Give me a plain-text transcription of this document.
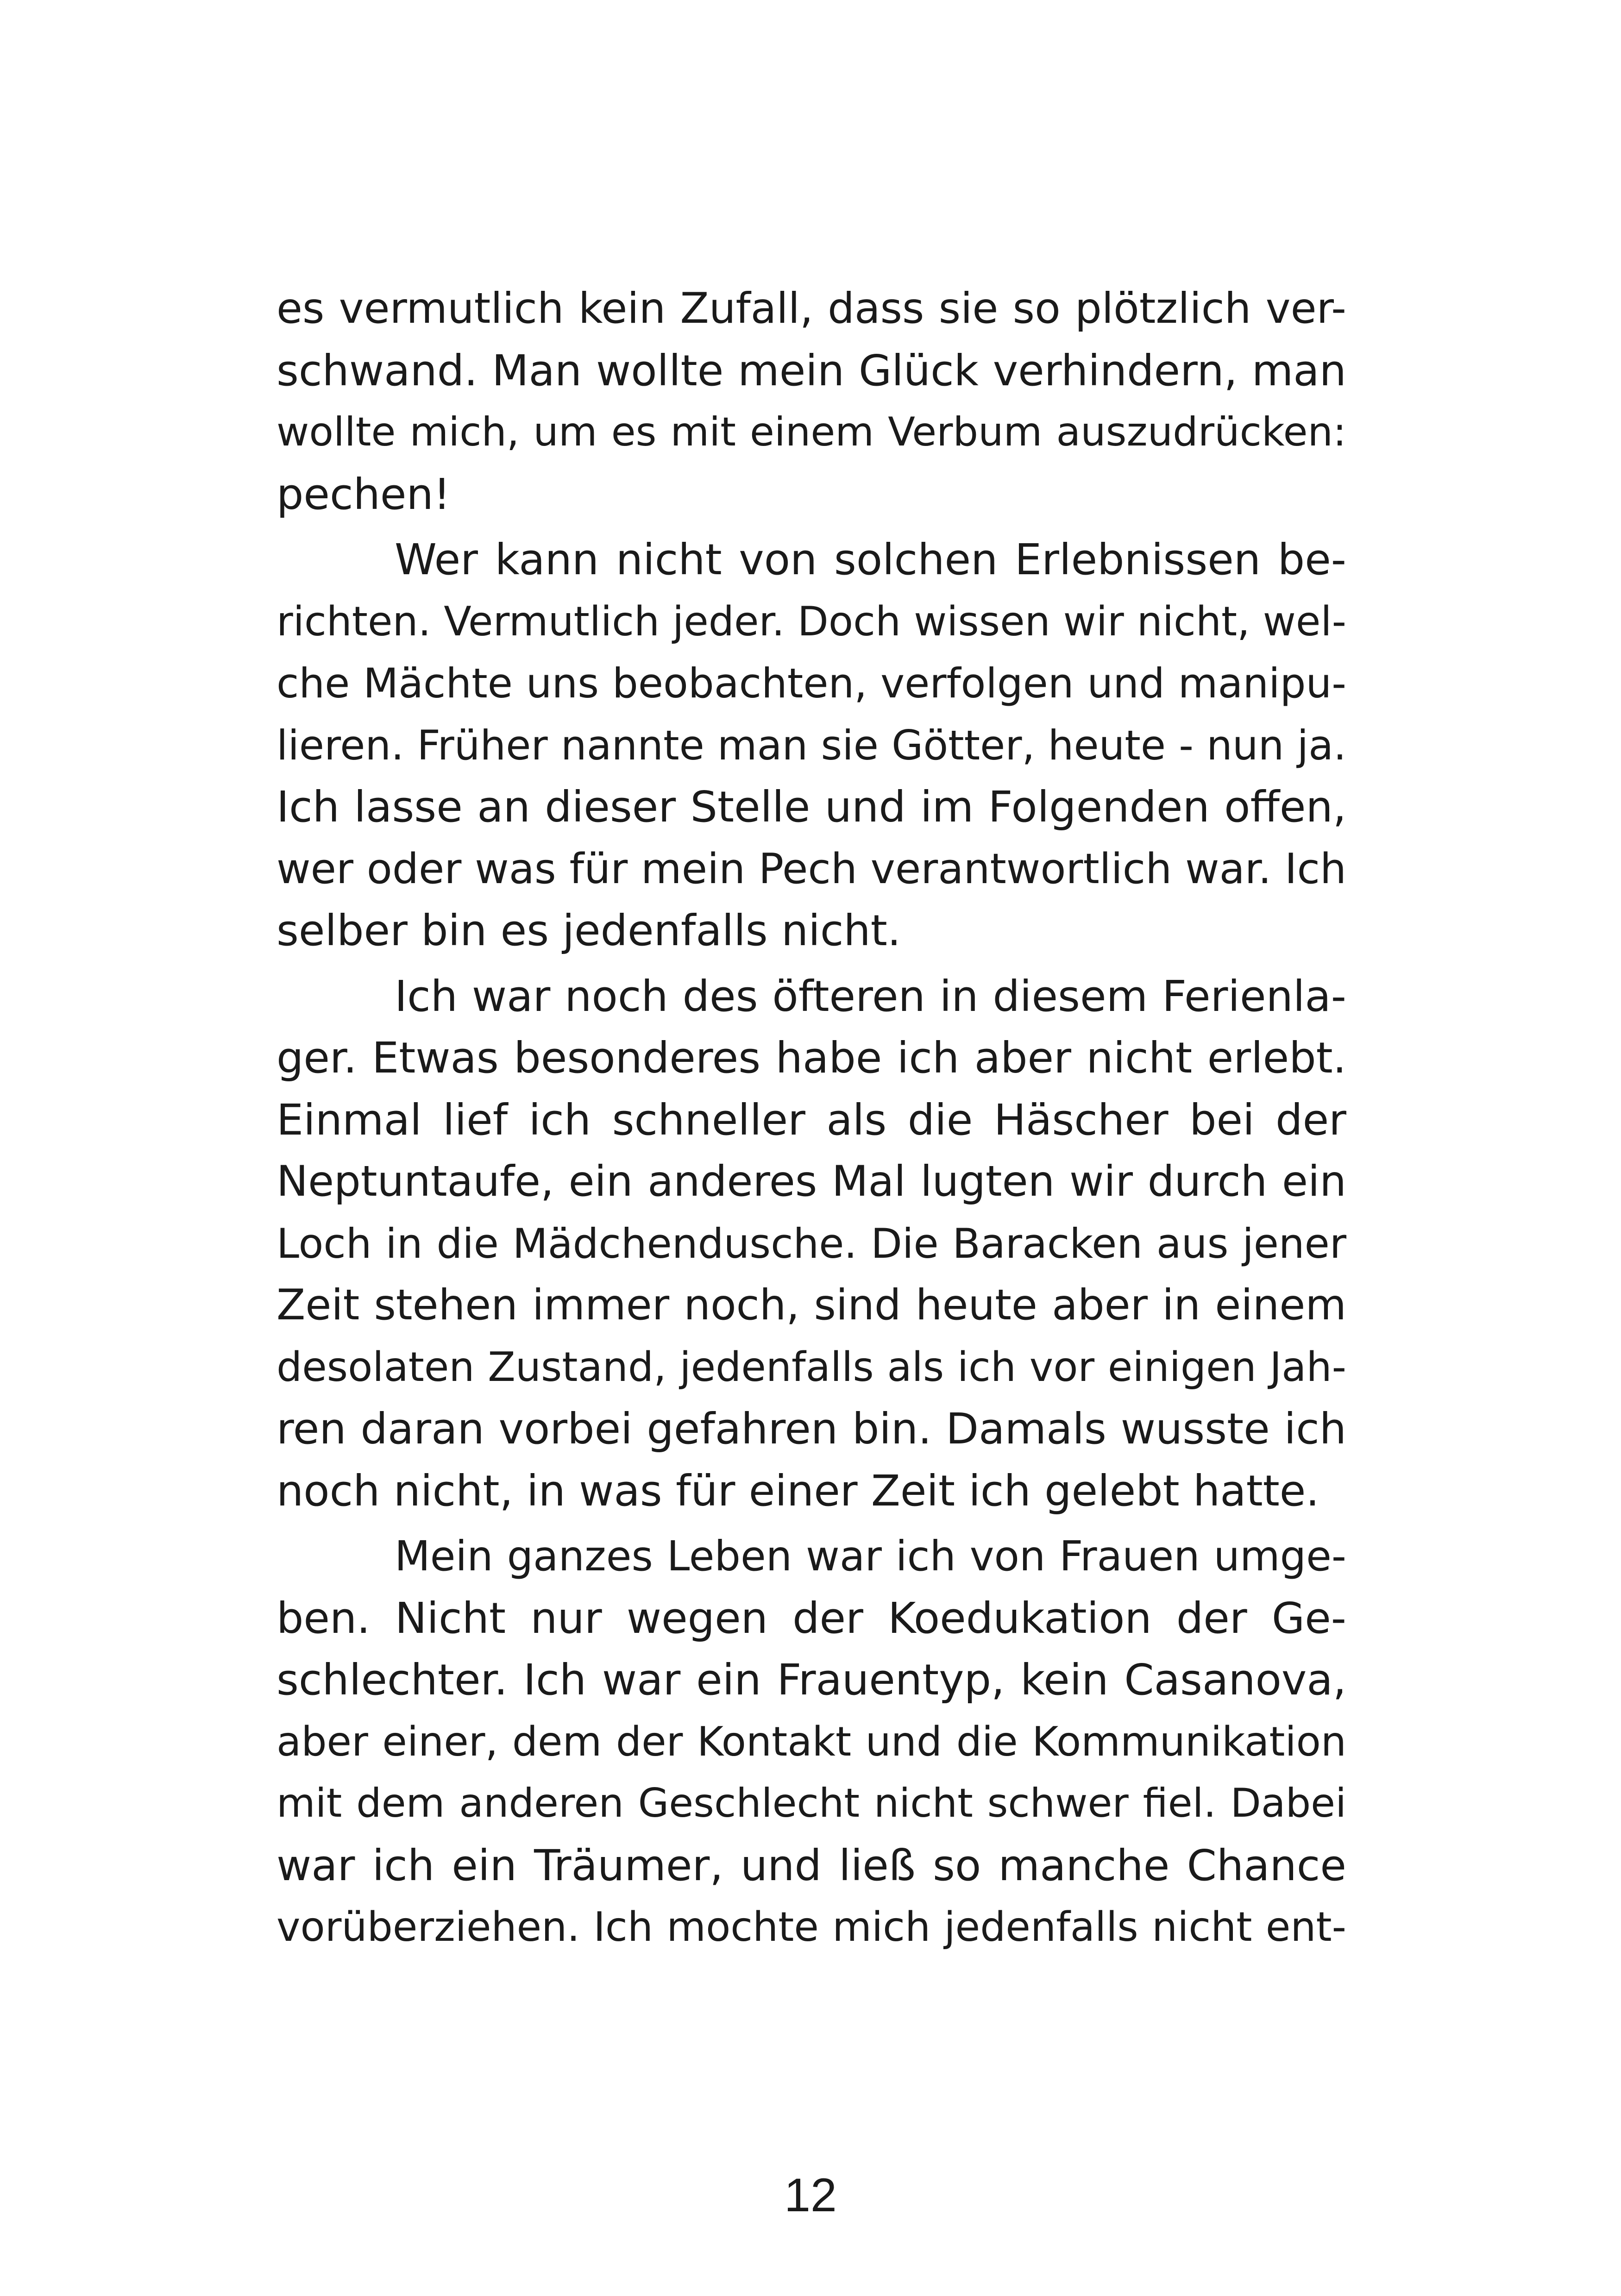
es vermutlich kein Zufall, dass sie so plötzlich ver-
schwand. Man wollte mein Glück verhindern, man
wollte mich, um es mit einem Verbum auszudrücken:
pechen!
Wer kann nicht von solchen Erlebnissen be-
richten. Vermutlich jeder. Doch wissen wir nicht, wel-
che Mächte uns beobachten, verfolgen und manipu-
lieren. Früher nannte man sie Götter, heute - nun ja.
Ich lasse an dieser Stelle und im Folgenden offen,
wer oder was für mein Pech verantwortlich war. Ich
selber bin es jedenfalls nicht.
Ich war noch des öfteren in diesem Ferienla-
ger. Etwas besonderes habe ich aber nicht erlebt.
Einmal lief ich schneller als die Häscher bei der
Neptuntaufe, ein anderes Mal lugten wir durch ein
Loch in die Mädchendusche. Die Baracken aus jener
Zeit stehen immer noch, sind heute aber in einem
desolaten Zustand, jedenfalls als ich vor einigen Jah-
ren daran vorbei gefahren bin. Damals wusste ich
noch nicht, in was für einer Zeit ich gelebt hatte.
Mein ganzes Leben war ich von Frauen umge-
ben. Nicht nur wegen der Koedukation der Ge-
schlechter. Ich war ein Frauentyp, kein Casanova,
aber einer, dem der Kontakt und die Kommunikation
mit dem anderen Geschlecht nicht schwer fiel. Dabei
war ich ein Träumer, und ließ so manche Chance
vorüberziehen. Ich mochte mich jedenfalls nicht ent-
12
